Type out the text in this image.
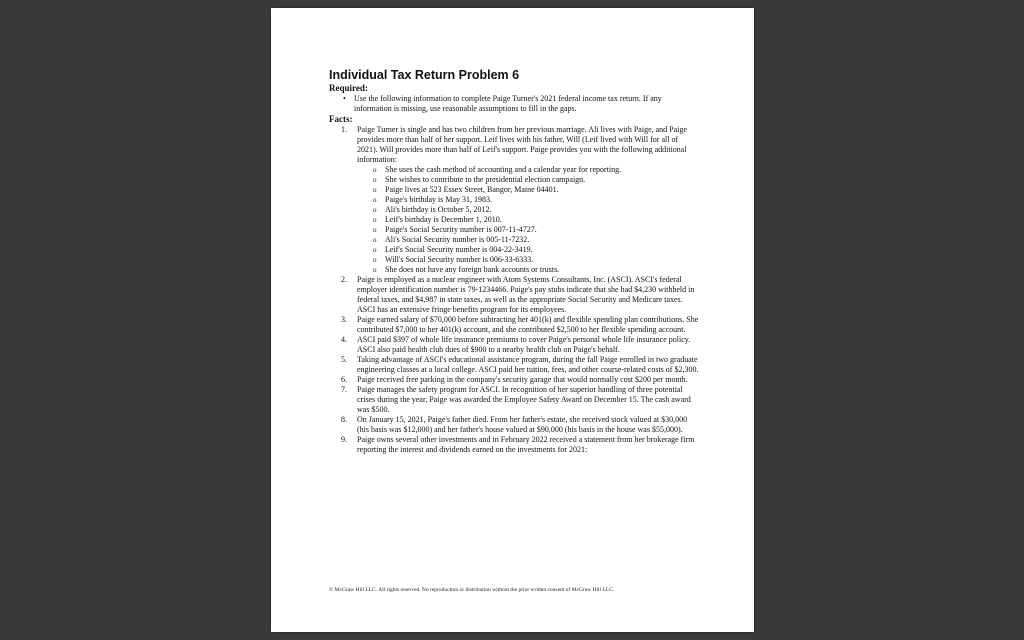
Individual Tax Return Problem 6
Required:
• Use the following information to complete Paige Turner's 2021 federal income tax return. If any information is missing, use reasonable assumptions to fill in the gaps.
Facts:
1. Paige Turner is single and has two children from her previous marriage. Ali lives with Paige, and Paige provides more than half of her support. Leif lives with his father, Will (Leif lived with Will for all of 2021). Will provides more than half of Leif's support. Paige provides you with the following additional information:
o She uses the cash method of accounting and a calendar year for reporting.
o She wishes to contribute to the presidential election campaign.
o Paige lives at 523 Essex Street, Bangor, Maine 04401.
o Paige's birthday is May 31, 1983.
o Ali's birthday is October 5, 2012.
o Leif's birthday is December 1, 2010.
o Paige's Social Security number is 007-11-4727.
o Ali's Social Security number is 005-11-7232.
o Leif's Social Security number is 004-22-3419.
o Will's Social Security number is 006-33-6333.
o She does not have any foreign bank accounts or trusts.
2. Paige is employed as a nuclear engineer with Atom Systems Consultants, Inc. (ASCI). ASCI's federal employer identification number is 79-1234466. Paige's pay stubs indicate that she had $4,230 withheld in federal taxes, and $4,987 in state taxes, as well as the appropriate Social Security and Medicare taxes. ASCI has an extensive fringe benefits program for its employees.
3. Paige earned salary of $70,000 before subtracting her 401(k) and flexible spending plan contributions. She contributed $7,000 to her 401(k) account, and she contributed $2,500 to her flexible spending account.
4. ASCI paid $397 of whole life insurance premiums to cover Paige's personal whole life insurance policy. ASCI also paid health club dues of $900 to a nearby health club on Paige's behalf.
5. Taking advantage of ASCI's educational assistance program, during the fall Paige enrolled in two graduate engineering classes at a local college. ASCI paid her tuition, fees, and other course-related costs of $2,300.
6. Paige received free parking in the company's security garage that would normally cost $200 per month.
7. Paige manages the safety program for ASCI. In recognition of her superior handling of three potential crises during the year, Paige was awarded the Employee Safety Award on December 15. The cash award was $500.
8. On January 15, 2021, Paige's father died. From her father's estate, she received stock valued at $30,000 (his basis was $12,000) and her father's house valued at $90,000 (his basis in the house was $55,000).
9. Paige owns several other investments and in February 2022 received a statement from her brokerage firm reporting the interest and dividends earned on the investments for 2021:
© McGraw Hill LLC. All rights reserved. No reproduction or distribution without the prior written consent of McGraw Hill LLC.
